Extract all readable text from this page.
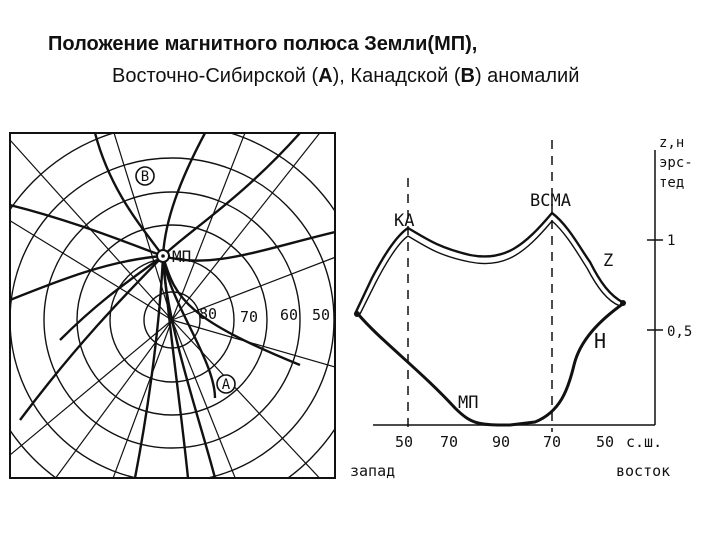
Положение магнитного полюса Земли(МП),
Восточно-Сибирской (А), Канадской (В) аномалий
В
А
МП
80 70 60 50
z,н
эрс-
тед
1
0,5
КА
ВСМА
Z
Н
МП
50 70 90 70 50 с.ш.
запад	восток
